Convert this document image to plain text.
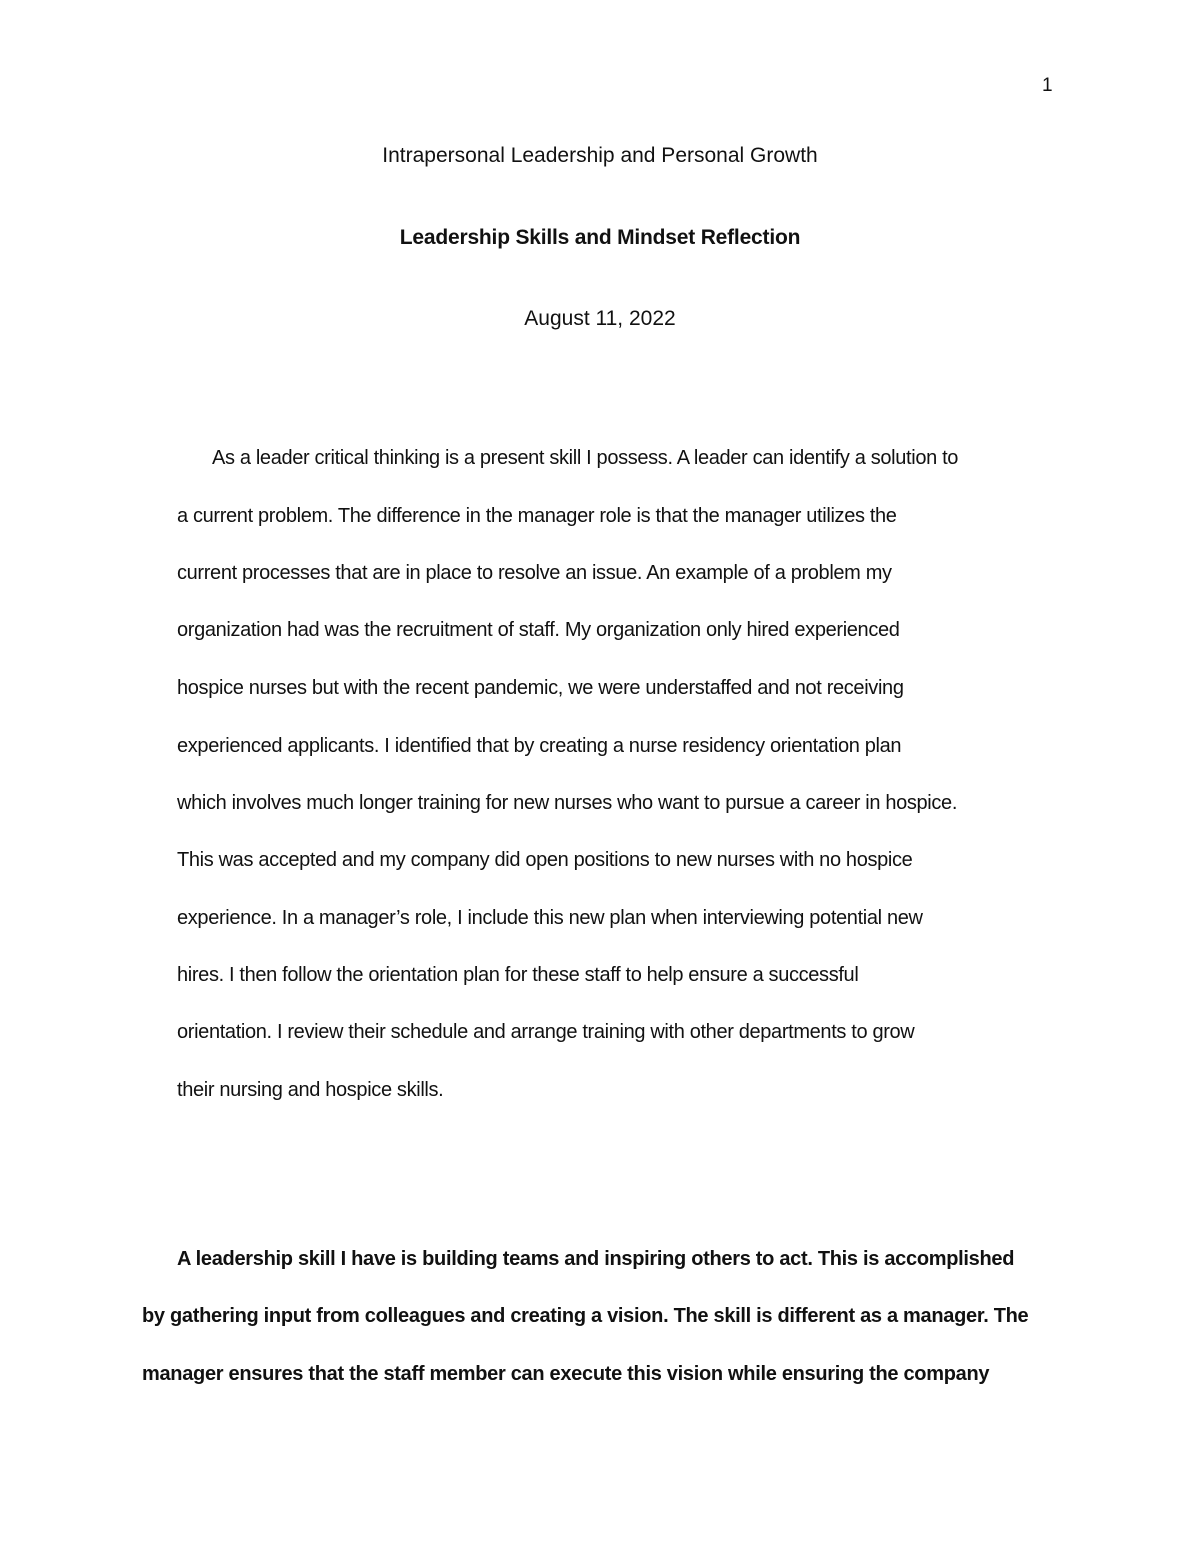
1
Intrapersonal Leadership and Personal Growth
Leadership Skills and Mindset Reflection
August 11, 2022
As a leader critical thinking is a present skill I possess. A leader can identify a solution to
a current problem. The difference in the manager role is that the manager utilizes the
current processes that are in place to resolve an issue. An example of a problem my
organization had was the recruitment of staff. My organization only hired experienced
hospice nurses but with the recent pandemic, we were understaffed and not receiving
experienced applicants. I identified that by creating a nurse residency orientation plan
which involves much longer training for new nurses who want to pursue a career in hospice.
This was accepted and my company did open positions to new nurses with no hospice
experience. In a manager’s role, I include this new plan when interviewing potential new
hires. I then follow the orientation plan for these staff to help ensure a successful
orientation. I review their schedule and arrange training with other departments to grow
their nursing and hospice skills.
A leadership skill I have is building teams and inspiring others to act. This is accomplished
by gathering input from colleagues and creating a vision. The skill is different as a manager. The
manager ensures that the staff member can execute this vision while ensuring the company
